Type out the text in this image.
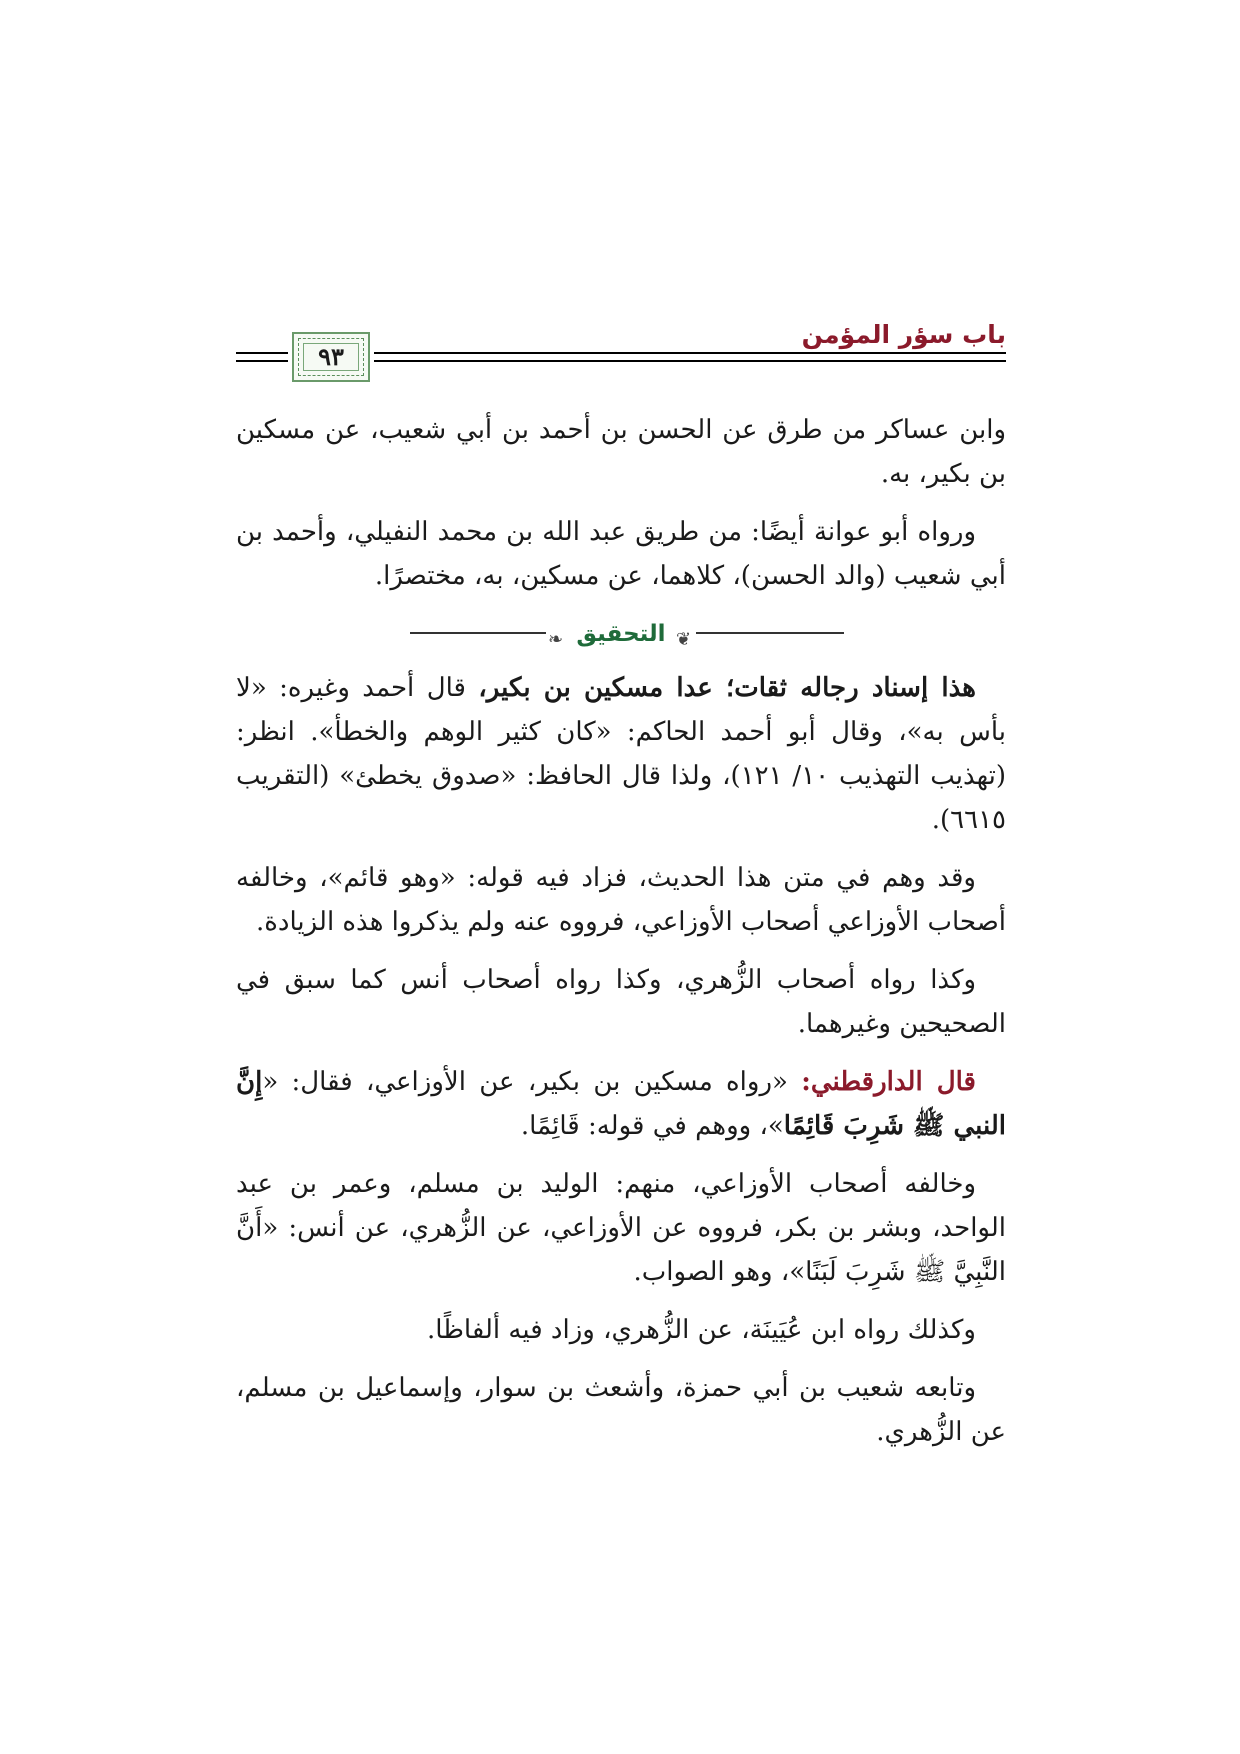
باب سؤر المؤمن
٩٣

وابن عساكر من طرق عن الحسن بن أحمد بن أبي شعيب، عن مسكين بن بكير، به.

ورواه أبو عوانة أيضًا: من طريق عبد الله بن محمد النفيلي، وأحمد بن أبي شعيب (والد الحسن)، كلاهما، عن مسكين، به، مختصرًا.

❦
التحقيق
❧

هذا إسناد رجاله ثقات؛ عدا مسكين بن بكير، قال أحمد وغيره: «لا بأس به»، وقال أبو أحمد الحاكم: «كان كثير الوهم والخطأ». انظر: (تهذيب التهذيب ١٠/ ١٢١)، ولذا قال الحافظ: «صدوق يخطئ» (التقريب ٦٦١٥).

وقد وهم في متن هذا الحديث، فزاد فيه قوله: «وهو قائم»، وخالفه أصحاب الأوزاعي أصحاب الأوزاعي، فرووه عنه ولم يذكروا هذه الزيادة.

وكذا رواه أصحاب الزُّهري، وكذا رواه أصحاب أنس كما سبق في الصحيحين وغيرهما.

قال الدارقطني: «رواه مسكين بن بكير، عن الأوزاعي، فقال: «إِنَّ النبي ﷺ شَرِبَ قَائِمًا»، ووهم في قوله: قَائِمًا.

وخالفه أصحاب الأوزاعي، منهم: الوليد بن مسلم، وعمر بن عبد الواحد، وبشر بن بكر، فرووه عن الأوزاعي، عن الزُّهري، عن أنس: «أَنَّ النَّبِيَّ ﷺ شَرِبَ لَبَنًا»، وهو الصواب.

وكذلك رواه ابن عُيَينَة، عن الزُّهري، وزاد فيه ألفاظًا.

وتابعه شعيب بن أبي حمزة، وأشعث بن سوار، وإسماعيل بن مسلم، عن الزُّهري.
